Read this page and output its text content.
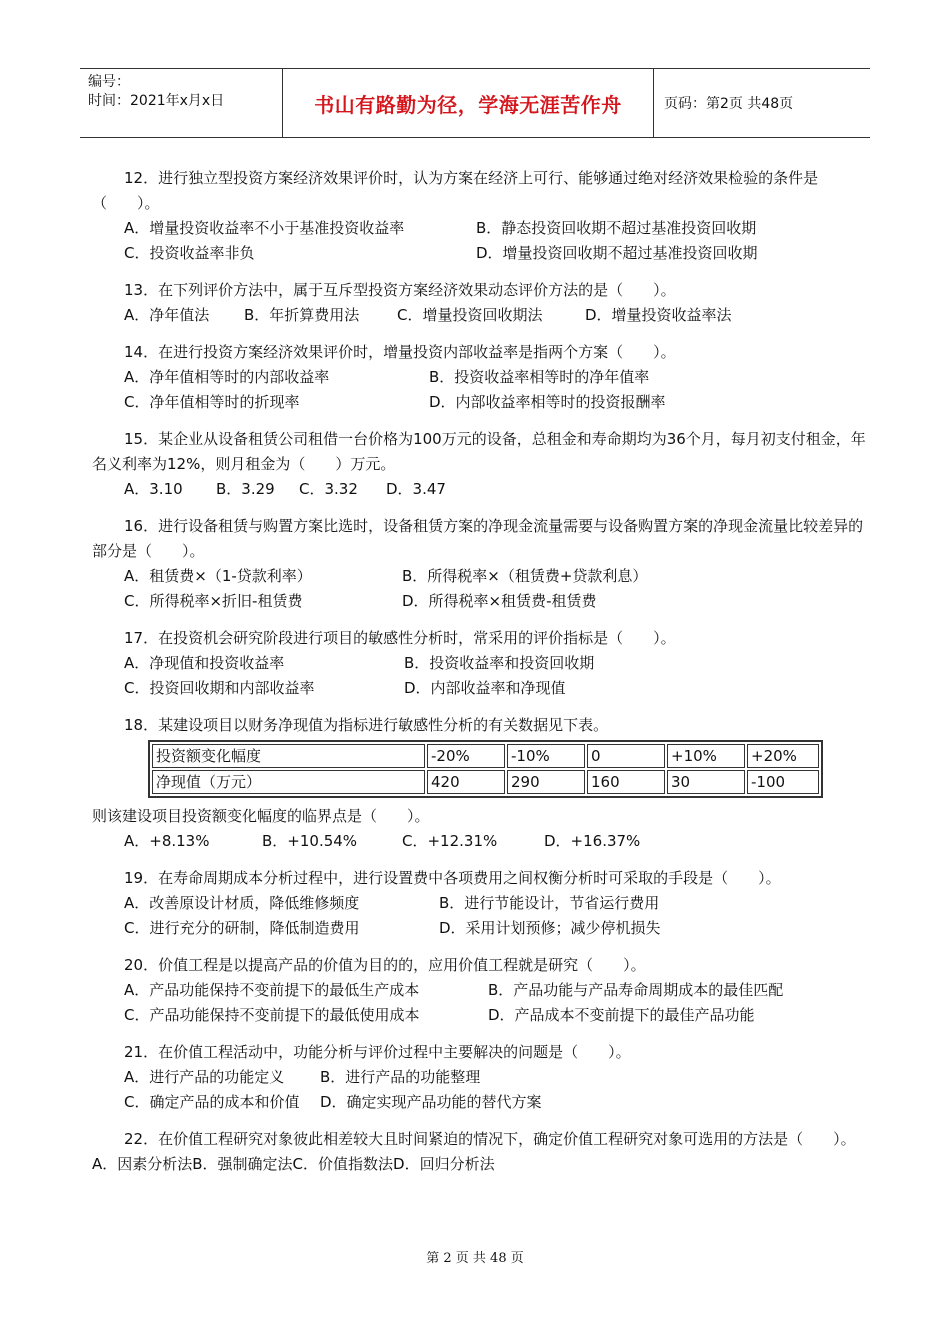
编号：
时间：2021年x月x日	书山有路勤为径，学海无涯苦作舟	页码：第2页 共48页

12．进行独立型投资方案经济效果评价时，认为方案在经济上可行、能够通过绝对经济效果检验的条件是（　　）。

A．增量投资收益率不小于基准投资收益率	B．静态投资回收期不超过基准投资回收期
C．投资收益率非负	D．增量投资回收期不超过基准投资回收期

13．在下列评价方法中，属于互斥型投资方案经济效果动态评价方法的是（　　）。

A．净年值法	B．年折算费用法	C．增量投资回收期法	D．增量投资收益率法

14．在进行投资方案经济效果评价时，增量投资内部收益率是指两个方案（　　）。

A．净年值相等时的内部收益率	B．投资收益率相等时的净年值率
C．净年值相等时的折现率	D．内部收益率相等时的投资报酬率

15．某企业从设备租赁公司租借一台价格为100万元的设备，总租金和寿命期均为36个月，每月初支付租金，年名义利率为12%，则月租金为（　　）万元。

A．3.10	B．3.29	C．3.32	D．3.47

16．进行设备租赁与购置方案比选时，设备租赁方案的净现金流量需要与设备购置方案的净现金流量比较差异的部分是（　　）。

A．租赁费×（1-贷款利率）	B．所得税率×（租赁费+贷款利息）
C．所得税率×折旧-租赁费	D．所得税率×租赁费-租赁费

17．在投资机会研究阶段进行项目的敏感性分析时，常采用的评价指标是（　　）。

A．净现值和投资收益率	B．投资收益率和投资回收期
C．投资回收期和内部收益率	D．内部收益率和净现值

18．某建设项目以财务净现值为指标进行敏感性分析的有关数据见下表。

投资额变化幅度	-20%	-10%	0	+10%	+20%
净现值（万元）	420	290	160	30	-100

则该建设项目投资额变化幅度的临界点是（　　）。

A．+8.13%	B．+10.54%	C．+12.31%	D．+16.37%

19．在寿命周期成本分析过程中，进行设置费中各项费用之间权衡分析时可采取的手段是（　　）。

A．改善原设计材质，降低维修频度	B．进行节能设计，节省运行费用
C．进行充分的研制，降低制造费用	D．采用计划预修；减少停机损失

20．价值工程是以提高产品的价值为目的的，应用价值工程就是研究（　　）。

A．产品功能保持不变前提下的最低生产成本	B．产品功能与产品寿命周期成本的最佳匹配
C．产品功能保持不变前提下的最低使用成本	D．产品成本不变前提下的最佳产品功能

21．在价值工程活动中，功能分析与评价过程中主要解决的问题是（　　）。

A．进行产品的功能定义	B．进行产品的功能整理
C．确定产品的成本和价值	D．确定实现产品功能的替代方案

22．在价值工程研究对象彼此相差较大且时间紧迫的情况下，确定价值工程研究对象可选用的方法是（　　）。　　A．因素分析法B．强制确定法C．价值指数法D．回归分析法

第 2 页 共 48 页
